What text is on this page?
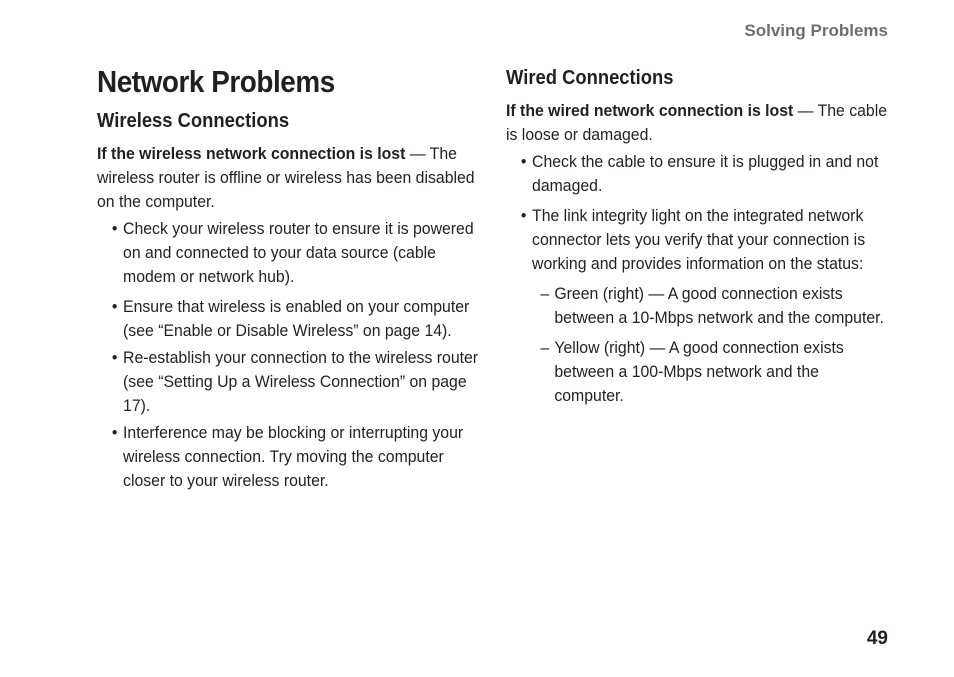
Solving Problems
Network Problems
Wireless Connections

If the wireless network connection is lost — The wireless router is offline or wireless has been disabled on the computer.

• Check your wireless router to ensure it is powered on and connected to your data source (cable modem or network hub).
• Ensure that wireless is enabled on your computer (see “Enable or Disable Wireless” on page 14).
• Re-establish your connection to the wireless router (see “Setting Up a Wireless Connection” on page 17).
• Interference may be blocking or interrupting your wireless connection. Try moving the computer closer to your wireless router.
Wired Connections

If the wired network connection is lost — The cable is loose or damaged.

• Check the cable to ensure it is plugged in and not damaged.
• The link integrity light on the integrated network connector lets you verify that your connection is working and provides information on the status:
– Green (right) — A good connection exists between a 10-Mbps network and the computer.
– Yellow (right) — A good connection exists between a 100-Mbps network and the computer.
49
